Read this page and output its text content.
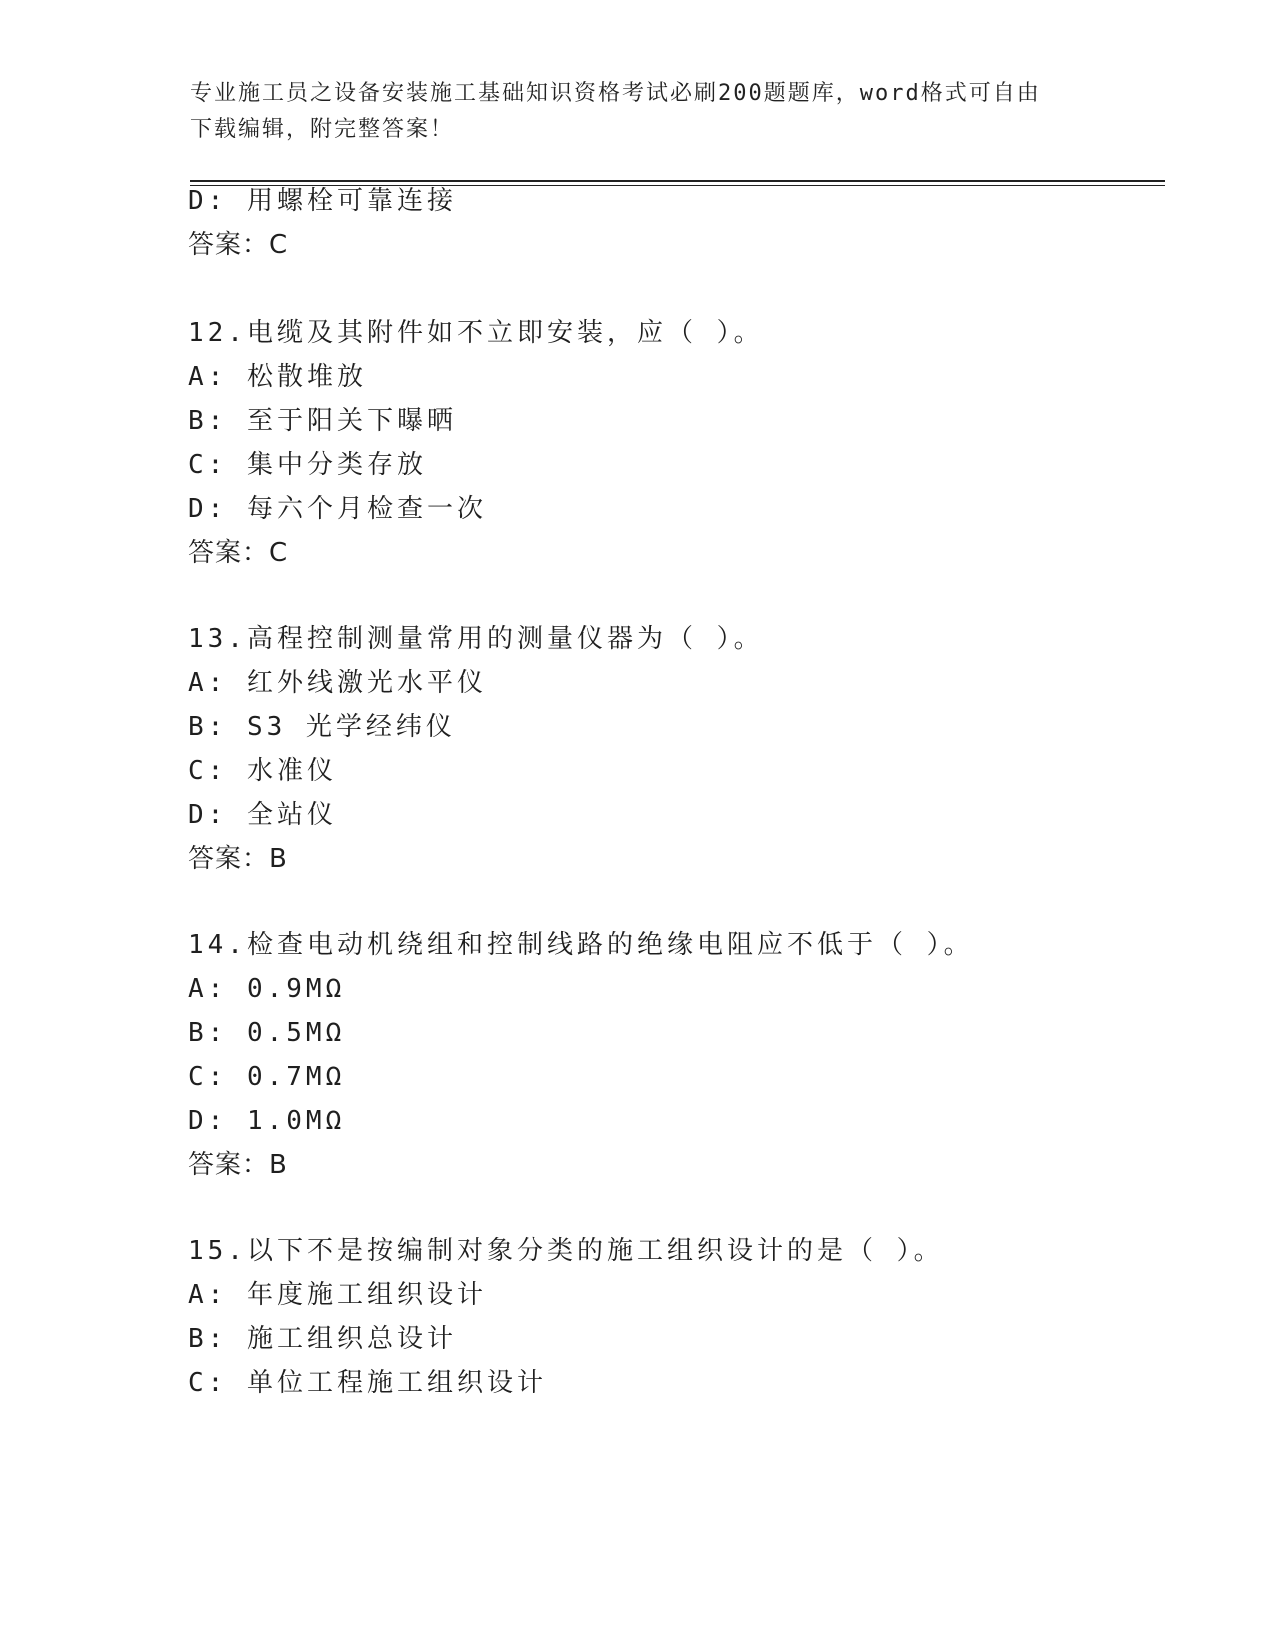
专业施工员之设备安装施工基础知识资格考试必刷200题题库，word格式可自由
下载编辑，附完整答案！
D: 用螺栓可靠连接
答案：C
12.电缆及其附件如不立即安装，应（ ）。
A: 松散堆放
B: 至于阳关下曝晒
C: 集中分类存放
D: 每六个月检查一次
答案：C
13.高程控制测量常用的测量仪器为（ ）。
A: 红外线激光水平仪
B: S3 光学经纬仪
C: 水准仪
D: 全站仪
答案：B
14.检查电动机绕组和控制线路的绝缘电阻应不低于（ ）。
A: 0.9MΩ
B: 0.5MΩ
C: 0.7MΩ
D: 1.0MΩ
答案：B
15.以下不是按编制对象分类的施工组织设计的是（ ）。
A: 年度施工组织设计
B: 施工组织总设计
C: 单位工程施工组织设计
